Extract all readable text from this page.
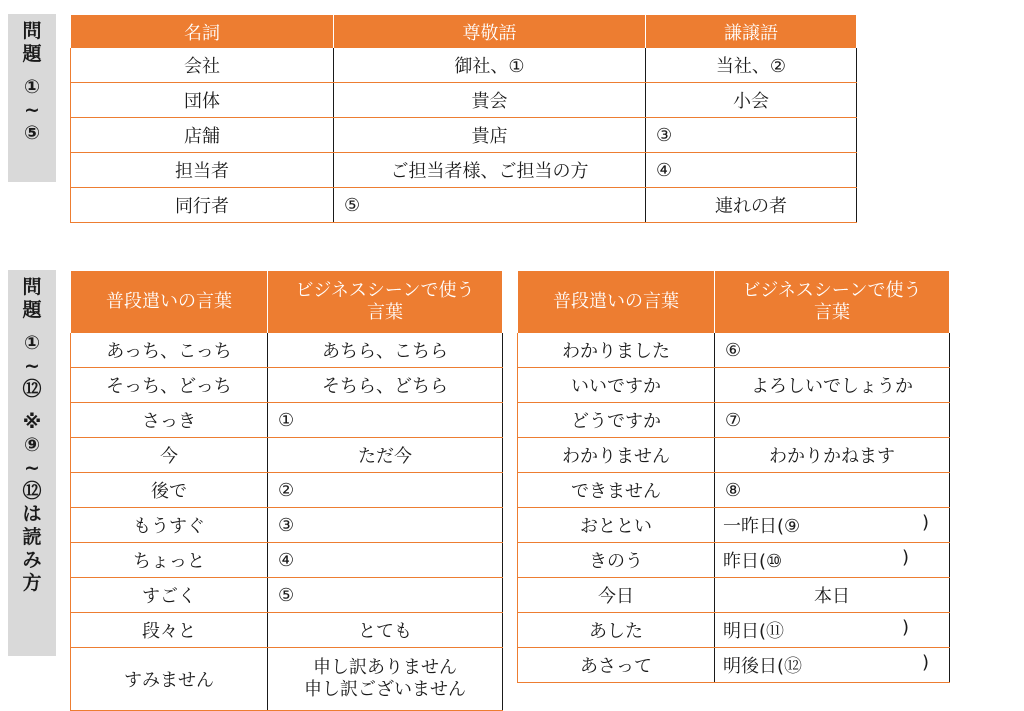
問
題
①
~
⑤
問
題
①
~
⑫
※
⑨
~
⑫
は
読
み
方
名詞	尊敬語	謙譲語
会社	御社、①	当社、②
団体	貴会	小会
店舗	貴店	③
担当者	ご担当者様、ご担当の方	④
同行者	⑤	連れの者
普段遣いの言葉	ビジネスシーンで使う
言葉
あっち、こっち	あちら、こちら
そっち、どっち	そちら、どちら
さっき	①
今	ただ今
後で	②
もうすぐ	③
ちょっと	④
すごく	⑤
段々と	とても
すみません	申し訳ありません
申し訳ございません
普段遣いの言葉	ビジネスシーンで使う
言葉
わかりました	⑥
いいですか	よろしいでしょうか
どうですか	⑦
わかりません	わかりかねます
できません	⑧
おととい	一昨日(⑨ )

きのう	昨日(⑩ )

今日	本日
あした	明日(⑪ )

あさって	明後日(⑫ )
